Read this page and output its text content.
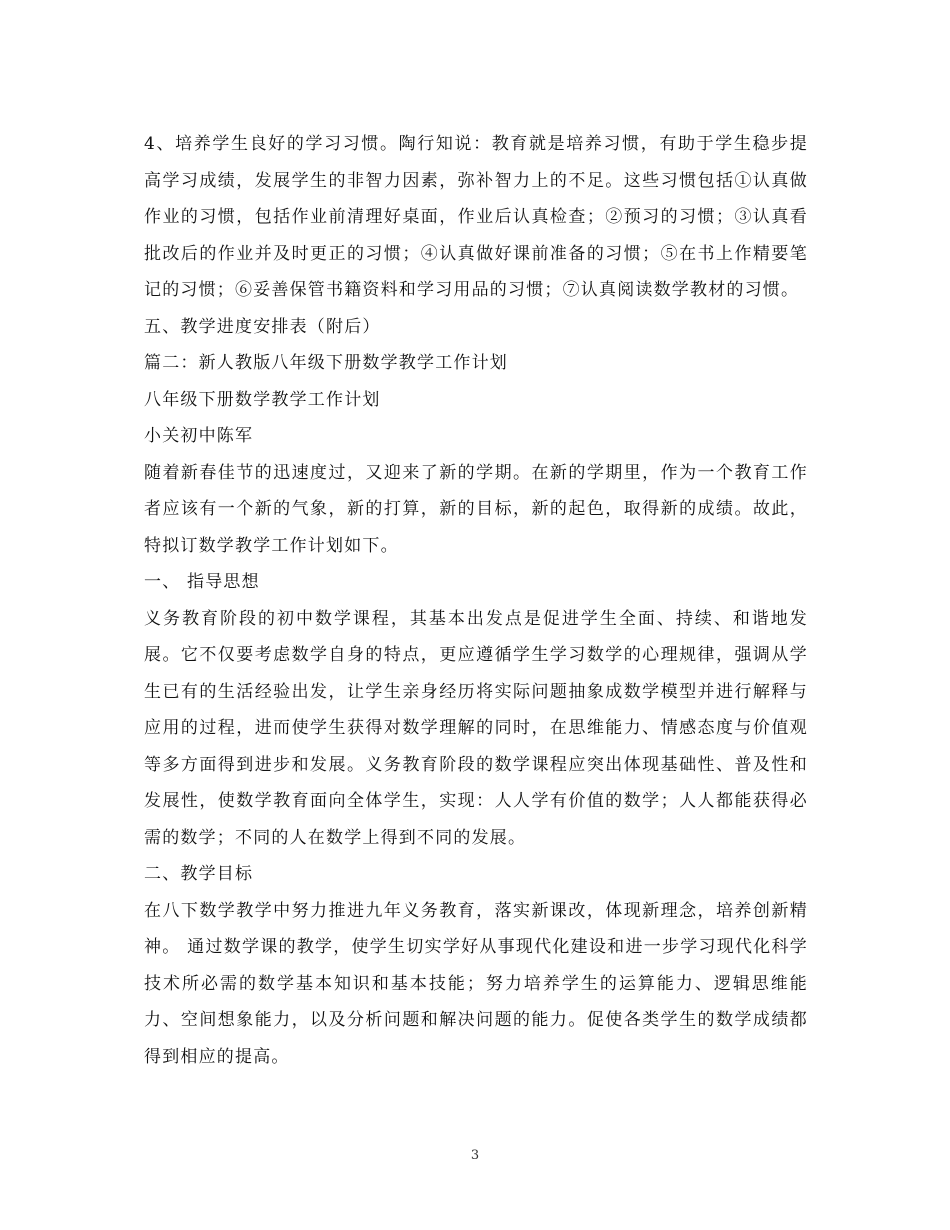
4、培养学生良好的学习习惯。陶行知说：教育就是培养习惯，有助于学生稳步提高学习成绩，发展学生的非智力因素，弥补智力上的不足。这些习惯包括①认真做作业的习惯，包括作业前清理好桌面，作业后认真检查；②预习的习惯；③认真看批改后的作业并及时更正的习惯；④认真做好课前准备的习惯；⑤在书上作精要笔记的习惯；⑥妥善保管书籍资料和学习用品的习惯；⑦认真阅读数学教材的习惯。

五、教学进度安排表（附后）

篇二：新人教版八年级下册数学教学工作计划

八年级下册数学教学工作计划

小关初中陈军

随着新春佳节的迅速度过，又迎来了新的学期。在新的学期里，作为一个教育工作者应该有一个新的气象，新的打算，新的目标，新的起色，取得新的成绩。故此，特拟订数学教学工作计划如下。

一、 指导思想

义务教育阶段的初中数学课程，其基本出发点是促进学生全面、持续、和谐地发展。它不仅要考虑数学自身的特点，更应遵循学生学习数学的心理规律，强调从学生已有的生活经验出发，让学生亲身经历将实际问题抽象成数学模型并进行解释与应用的过程，进而使学生获得对数学理解的同时，在思维能力、情感态度与价值观等多方面得到进步和发展。义务教育阶段的数学课程应突出体现基础性、普及性和发展性，使数学教育面向全体学生，实现：人人学有价值的数学；人人都能获得必需的数学；不同的人在数学上得到不同的发展。

二、教学目标

在八下数学教学中努力推进九年义务教育，落实新课改，体现新理念，培养创新精神。 通过数学课的教学，使学生切实学好从事现代化建设和进一步学习现代化科学技术所必需的数学基本知识和基本技能；努力培养学生的运算能力、逻辑思维能力、空间想象能力，以及分析问题和解决问题的能力。促使各类学生的数学成绩都得到相应的提高。

3
